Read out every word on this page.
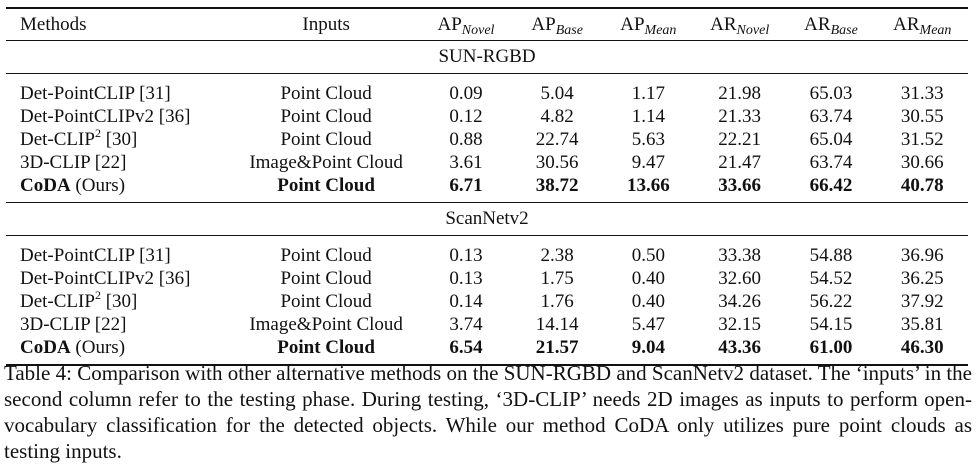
Methods	Inputs	$AP_{Novel}$	$AP_{Base}$	$AP_{Mean}$	$AR_{Novel}$	$AR_{Base}$	$AR_{Mean}$
SUN-RGBD							
Det-PointCLIP [31]	Point Cloud	0.09	5.04	1.17	21.98	65.03	31.33
Det-PointCLIPv2 [36]	Point Cloud	0.12	4.82	1.14	21.33	63.74	30.55
Det-CLIP$^2$ [30]	Point Cloud	0.88	22.74	5.63	22.21	65.04	31.52
3D-CLIP [22]	Image&Point Cloud	3.61	30.56	9.47	21.47	63.74	30.66
CoDA (Ours)	Point Cloud	6.71	38.72	13.66	33.66	66.42	40.78
ScanNetv2							
Det-PointCLIP [31]	Point Cloud	0.13	2.38	0.50	33.38	54.88	36.96
Det-PointCLIPv2 [36]	Point Cloud	0.13	1.75	0.40	32.60	54.52	36.25
Det-CLIP$^2$ [30]	Point Cloud	0.14	1.76	0.40	34.26	56.22	37.92
3D-CLIP [22]	Image&Point Cloud	3.74	14.14	5.47	32.15	54.15	35.81
CoDA (Ours)	Point Cloud	6.54	21.57	9.04	43.36	61.00	46.30
Table 4: Comparison with other alternative methods on the SUN-RGBD and ScanNetv2 dataset. The ‘inputs’ in the second column refer to the testing phase. During testing, ‘3D-CLIP’ needs 2D images as inputs to perform open-vocabulary classification for the detected objects. While our method CoDA only utilizes pure point clouds as testing inputs.
